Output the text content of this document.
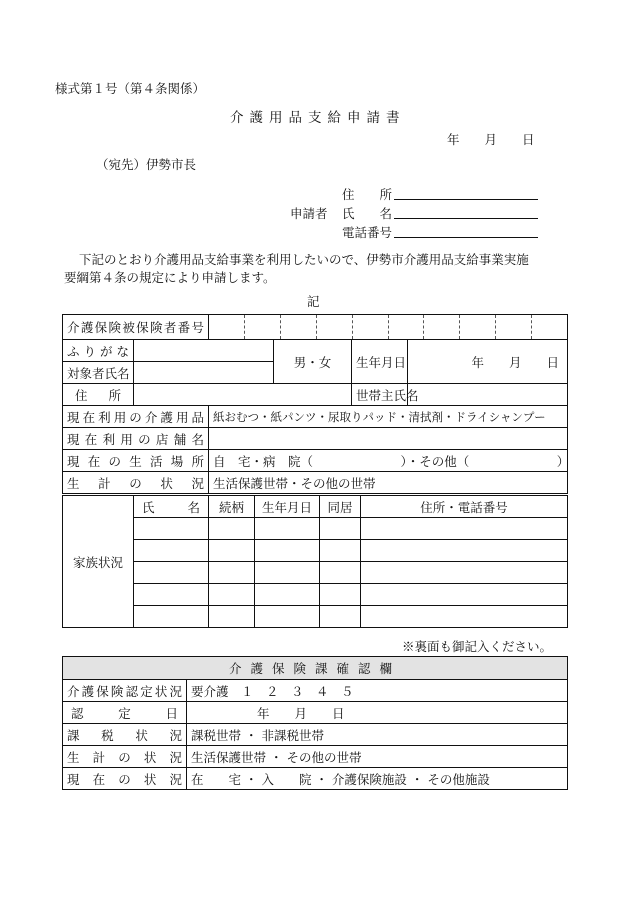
様式第１号（第４条関係）
介護用品支給申請書
年　　月　　日
（宛先）伊勢市長
申請者
住　　所
氏　　名
電話番号
下記のとおり介護用品支給事業を利用したいので、伊勢市介護用品支給事業実施
要綱第４条の規定により申請します。
記
介護保険被保険者番号					

ふりがな			男・女	生年月日	年　　月　　日
対象者氏名					
住所				世帯主氏名	
現在利用の介護用品		紙おむつ・紙パンツ・尿取りパッド・清拭剤・ドライシャンプー			
現在利用の店舗名					
現在の生活場所		自　宅・病　院（　　　　　　　）・その他（　　　　　　　）			
生計の状況		生活保護世帯・その他の世帯			
家族状況	氏　　名	続柄	生年月日	同居	住所・電話番号

※裏面も御記入ください。
介護保険課確認欄	
介護保険認定状況	要介護　１　２　３　４　５
認定日	年　　月　　日
課税状況	課税世帯 ・ 非課税世帯
生計の状況	生活保護世帯 ・ その他の世帯
現在の状況	在　　宅 ・ 入　　院 ・ 介護保険施設 ・ その他施設
